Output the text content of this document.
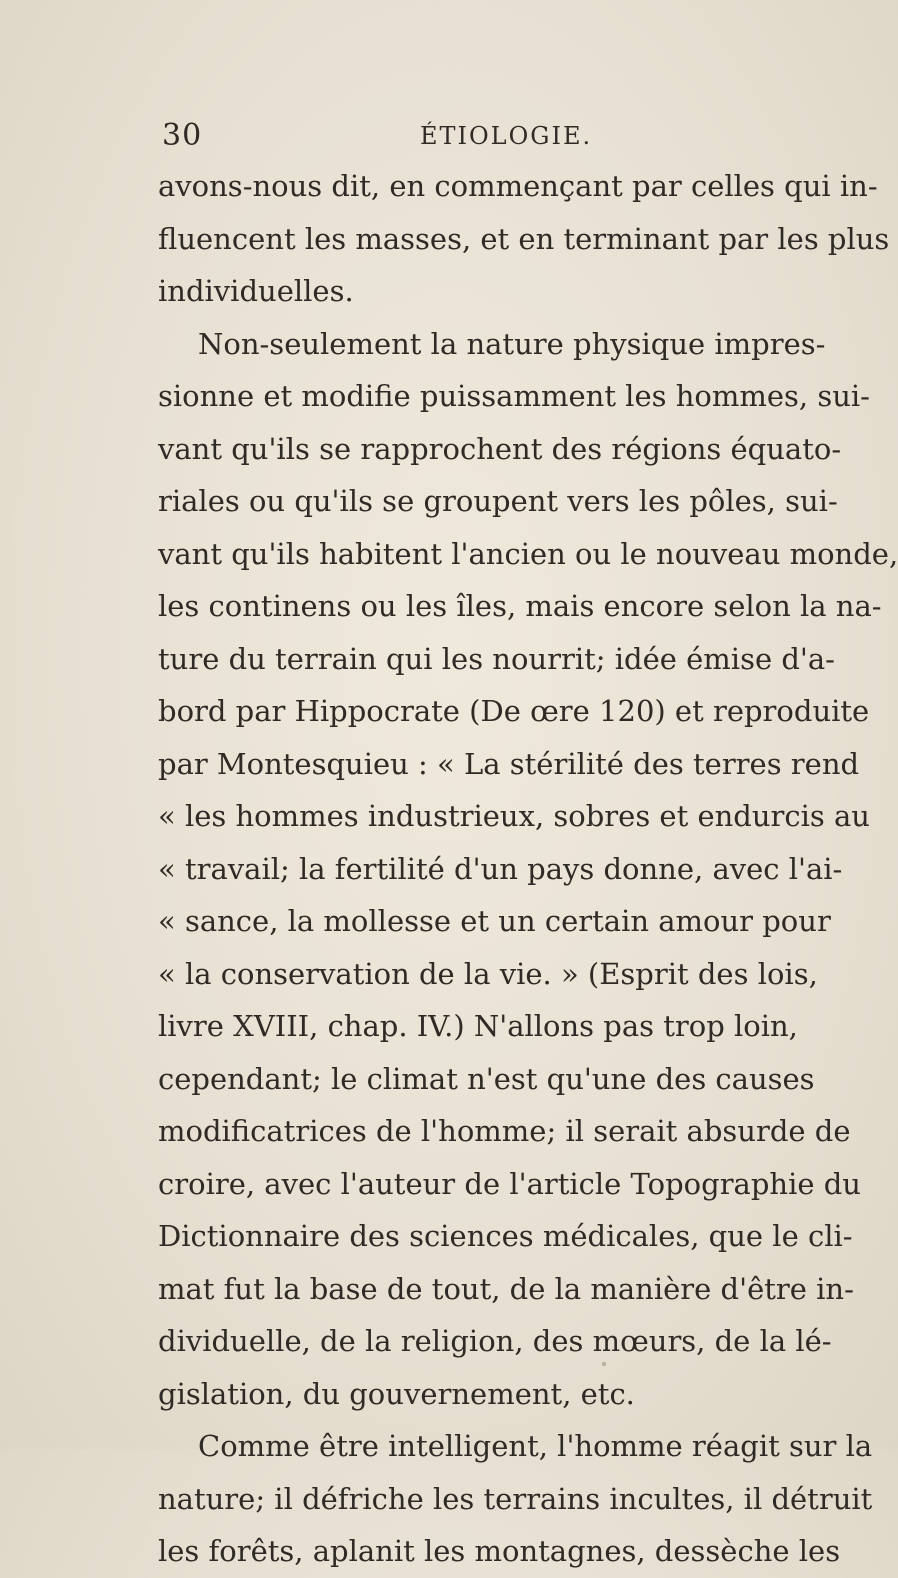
30	ÉTIOLOGIE.
avons-nous dit, en commençant par celles qui in-
fluencent les masses, et en terminant par les plus
individuelles.
Non-seulement la nature physique impres-
sionne et modifie puissamment les hommes, sui-
vant qu'ils se rapprochent des régions équato-
riales ou qu'ils se groupent vers les pôles, sui-
vant qu'ils habitent l'ancien ou le nouveau monde,
les continens ou les îles, mais encore selon la na-
ture du terrain qui les nourrit; idée émise d'a-
bord par Hippocrate (De œre 120) et reproduite
par Montesquieu : « La stérilité des terres rend
« les hommes industrieux, sobres et endurcis au
« travail; la fertilité d'un pays donne, avec l'ai-
« sance, la mollesse et un certain amour pour
« la conservation de la vie. » (Esprit des lois,
livre XVIII, chap. IV.) N'allons pas trop loin,
cependant; le climat n'est qu'une des causes
modificatrices de l'homme; il serait absurde de
croire, avec l'auteur de l'article Topographie du
Dictionnaire des sciences médicales, que le cli-
mat fut la base de tout, de la manière d'être in-
dividuelle, de la religion, des mœurs, de la lé-
gislation, du gouvernement, etc.
Comme être intelligent, l'homme réagit sur la
nature; il défriche les terrains incultes, il détruit
les forêts, aplanit les montagnes, dessèche les
